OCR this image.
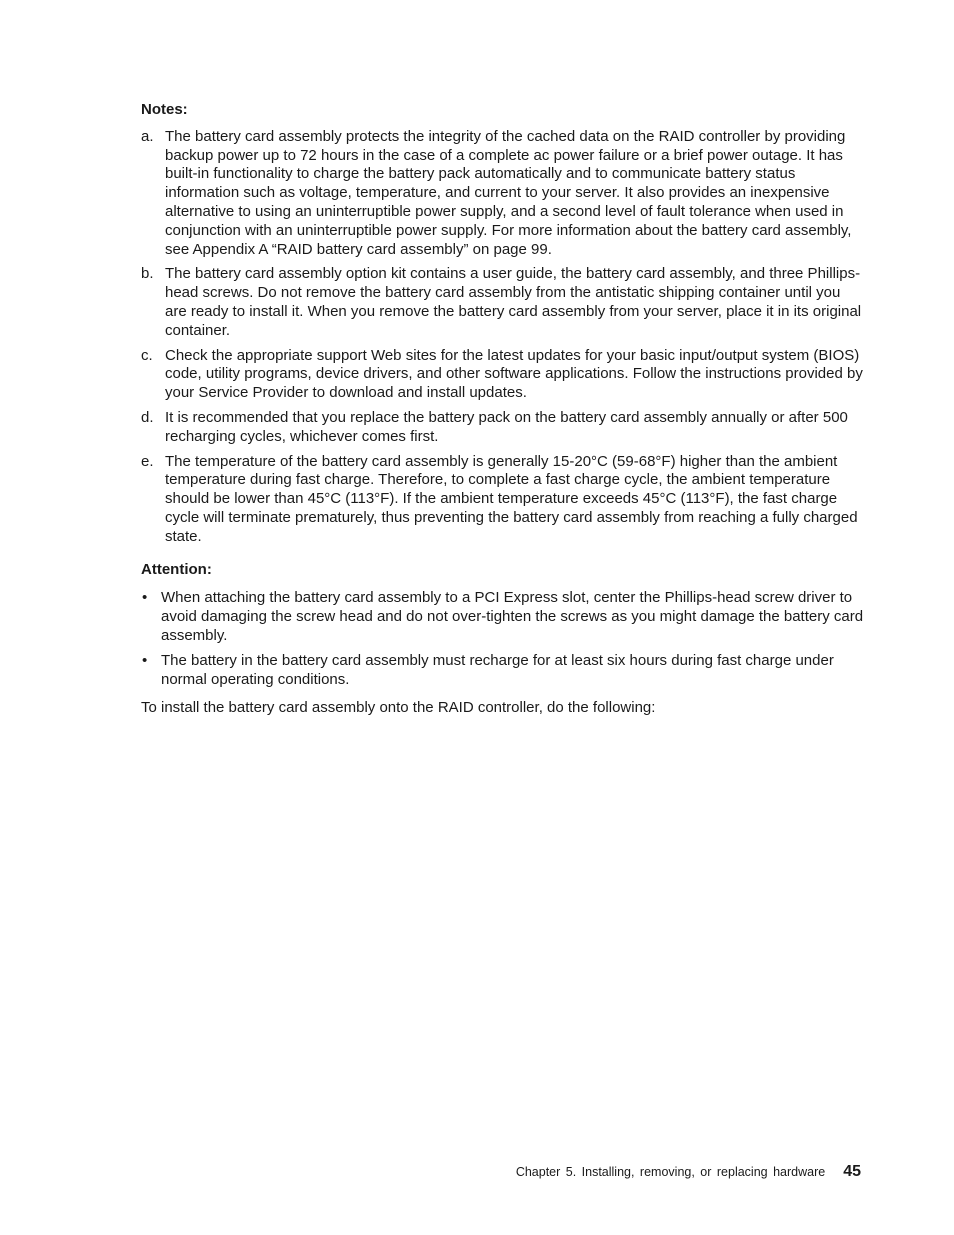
Notes:
a. The battery card assembly protects the integrity of the cached data on the RAID controller by providing backup power up to 72 hours in the case of a complete ac power failure or a brief power outage. It has built-in functionality to charge the battery pack automatically and to communicate battery status information such as voltage, temperature, and current to your server. It also provides an inexpensive alternative to using an uninterruptible power supply, and a second level of fault tolerance when used in conjunction with an uninterruptible power supply. For more information about the battery card assembly, see Appendix A “RAID battery card assembly” on page 99.
b. The battery card assembly option kit contains a user guide, the battery card assembly, and three Phillips-head screws. Do not remove the battery card assembly from the antistatic shipping container until you are ready to install it. When you remove the battery card assembly from your server, place it in its original container.
c. Check the appropriate support Web sites for the latest updates for your basic input/output system (BIOS) code, utility programs, device drivers, and other software applications. Follow the instructions provided by your Service Provider to download and install updates.
d. It is recommended that you replace the battery pack on the battery card assembly annually or after 500 recharging cycles, whichever comes first.
e. The temperature of the battery card assembly is generally 15-20°C (59-68°F) higher than the ambient temperature during fast charge. Therefore, to complete a fast charge cycle, the ambient temperature should be lower than 45°C (113°F). If the ambient temperature exceeds 45°C (113°F), the fast charge cycle will terminate prematurely, thus preventing the battery card assembly from reaching a fully charged state.
Attention:
• When attaching the battery card assembly to a PCI Express slot, center the Phillips-head screw driver to avoid damaging the screw head and do not over-tighten the screws as you might damage the battery card assembly.
• The battery in the battery card assembly must recharge for at least six hours during fast charge under normal operating conditions.

To install the battery card assembly onto the RAID controller, do the following:

Chapter 5. Installing, removing, or replacing hardware 45
